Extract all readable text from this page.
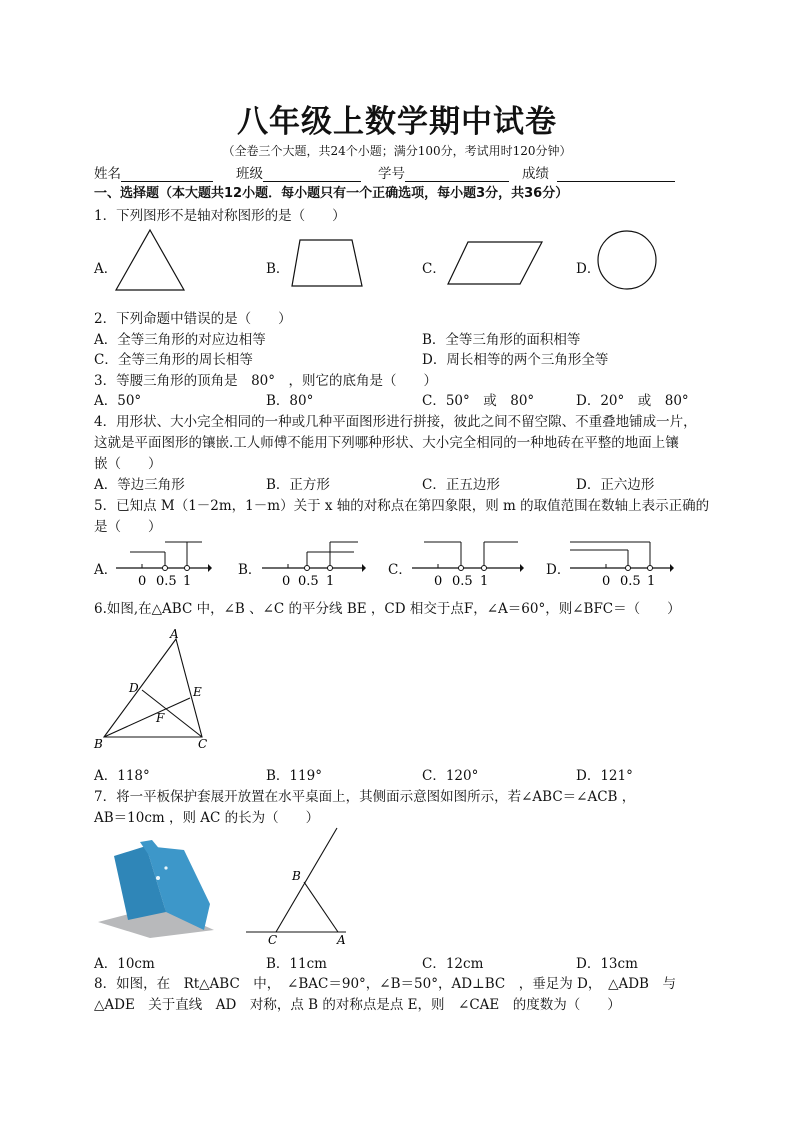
八年级上数学期中试卷
（全卷三个大题，共24个小题；满分100分，考试用时120分钟）
姓名	班级	学号	成绩
一、选择题（本大题共12小题．每小题只有一个正确选项，每小题3分，共36分）
1．下列图形不是轴对称图形的是（　　）
A．	B．	C．	D．
2．下列命题中错误的是（　　）
A．全等三角形的对应边相等	B．全等三角形的面积相等
C．全等三角形的周长相等	D．周长相等的两个三角形全等
3．等腰三角形的顶角是　80°　，则它的底角是（　　）
A．50°	B．80°	C．50°　或　80°	D．20°　或　80°
4．用形状、大小完全相同的一种或几种平面图形进行拼接，彼此之间不留空隙、不重叠地铺成一片，
这就是平面图形的镶嵌.工人师傅不能用下列哪种形状、大小完全相同的一种地砖在平整的地面上镶
嵌（　　）
A．等边三角形	B．正方形	C．正五边形	D．正六边形
5．已知点 M（1－2m，1－m）关于 x 轴的对称点在第四象限，则 m 的取值范围在数轴上表示正确的
是（　　）
A．
0 0.5 1
B．
0 0.5 1
C．
0 0.5 1
D．
0 0.5 1
6.如图,在△ABC 中，∠B 、∠C 的平分线 BE ，CD 相交于点F，∠A＝60°，则∠BFC＝（　　）
A
B	C
D	E
F
A．118°	B．119°	C．120°	D．121°
7．将一平板保护套展开放置在水平桌面上，其侧面示意图如图所示，若∠ABC＝∠ACB ，
AB＝10cm ，则 AC 的长为（　　）
B
C	A
A．10cm	B．11cm	C．12cm	D．13cm
8．如图，在　Rt△ABC　中，　∠BAC＝90°，∠B＝50°，AD⊥BC　，垂足为 D，　△ADB　与
△ADE　关于直线　AD　对称，点 B 的对称点是点 E，则　∠CAE　的度数为（　　）
